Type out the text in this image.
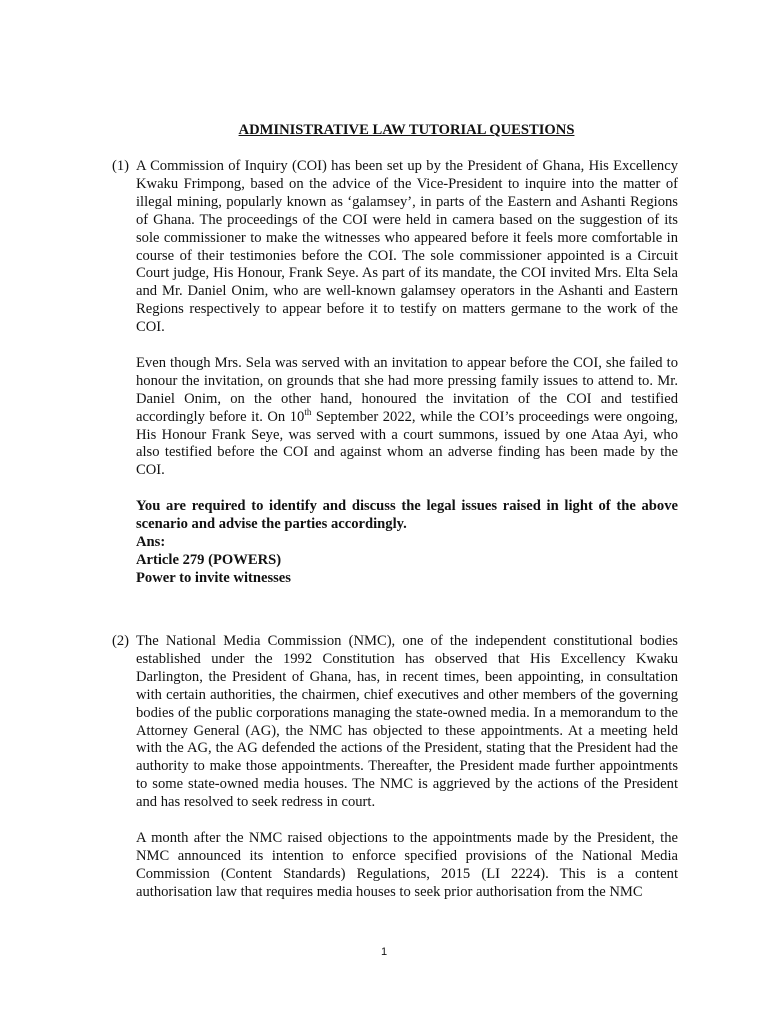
ADMINISTRATIVE LAW TUTORIAL QUESTIONS
(1) A Commission of Inquiry (COI) has been set up by the President of Ghana, His Excellency Kwaku Frimpong, based on the advice of the Vice-President to inquire into the matter of illegal mining, popularly known as ‘galamsey’, in parts of the Eastern and Ashanti Regions of Ghana. The proceedings of the COI were held in camera based on the suggestion of its sole commissioner to make the witnesses who appeared before it feels more comfortable in course of their testimonies before the COI. The sole commissioner appointed is a Circuit Court judge, His Honour, Frank Seye. As part of its mandate, the COI invited Mrs. Elta Sela and Mr. Daniel Onim, who are well-known galamsey operators in the Ashanti and Eastern Regions respectively to appear before it to testify on matters germane to the work of the COI.

Even though Mrs. Sela was served with an invitation to appear before the COI, she failed to honour the invitation, on grounds that she had more pressing family issues to attend to. Mr. Daniel Onim, on the other hand, honoured the invitation of the COI and testified accordingly before it. On 10th September 2022, while the COI’s proceedings were ongoing, His Honour Frank Seye, was served with a court summons, issued by one Ataa Ayi, who also testified before the COI and against whom an adverse finding has been made by the COI.

You are required to identify and discuss the legal issues raised in light of the above scenario and advise the parties accordingly.

Ans:
Article 279 (POWERS)
Power to invite witnesses
(2) The National Media Commission (NMC), one of the independent constitutional bodies established under the 1992 Constitution has observed that His Excellency Kwaku Darlington, the President of Ghana, has, in recent times, been appointing, in consultation with certain authorities, the chairmen, chief executives and other members of the governing bodies of the public corporations managing the state-owned media. In a memorandum to the Attorney General (AG), the NMC has objected to these appointments. At a meeting held with the AG, the AG defended the actions of the President, stating that the President had the authority to make those appointments. Thereafter, the President made further appointments to some state-owned media houses. The NMC is aggrieved by the actions of the President and has resolved to seek redress in court.

A month after the NMC raised objections to the appointments made by the President, the NMC announced its intention to enforce specified provisions of the National Media Commission (Content Standards) Regulations, 2015 (LI 2224). This is a content authorisation law that requires media houses to seek prior authorisation from the NMC

1
